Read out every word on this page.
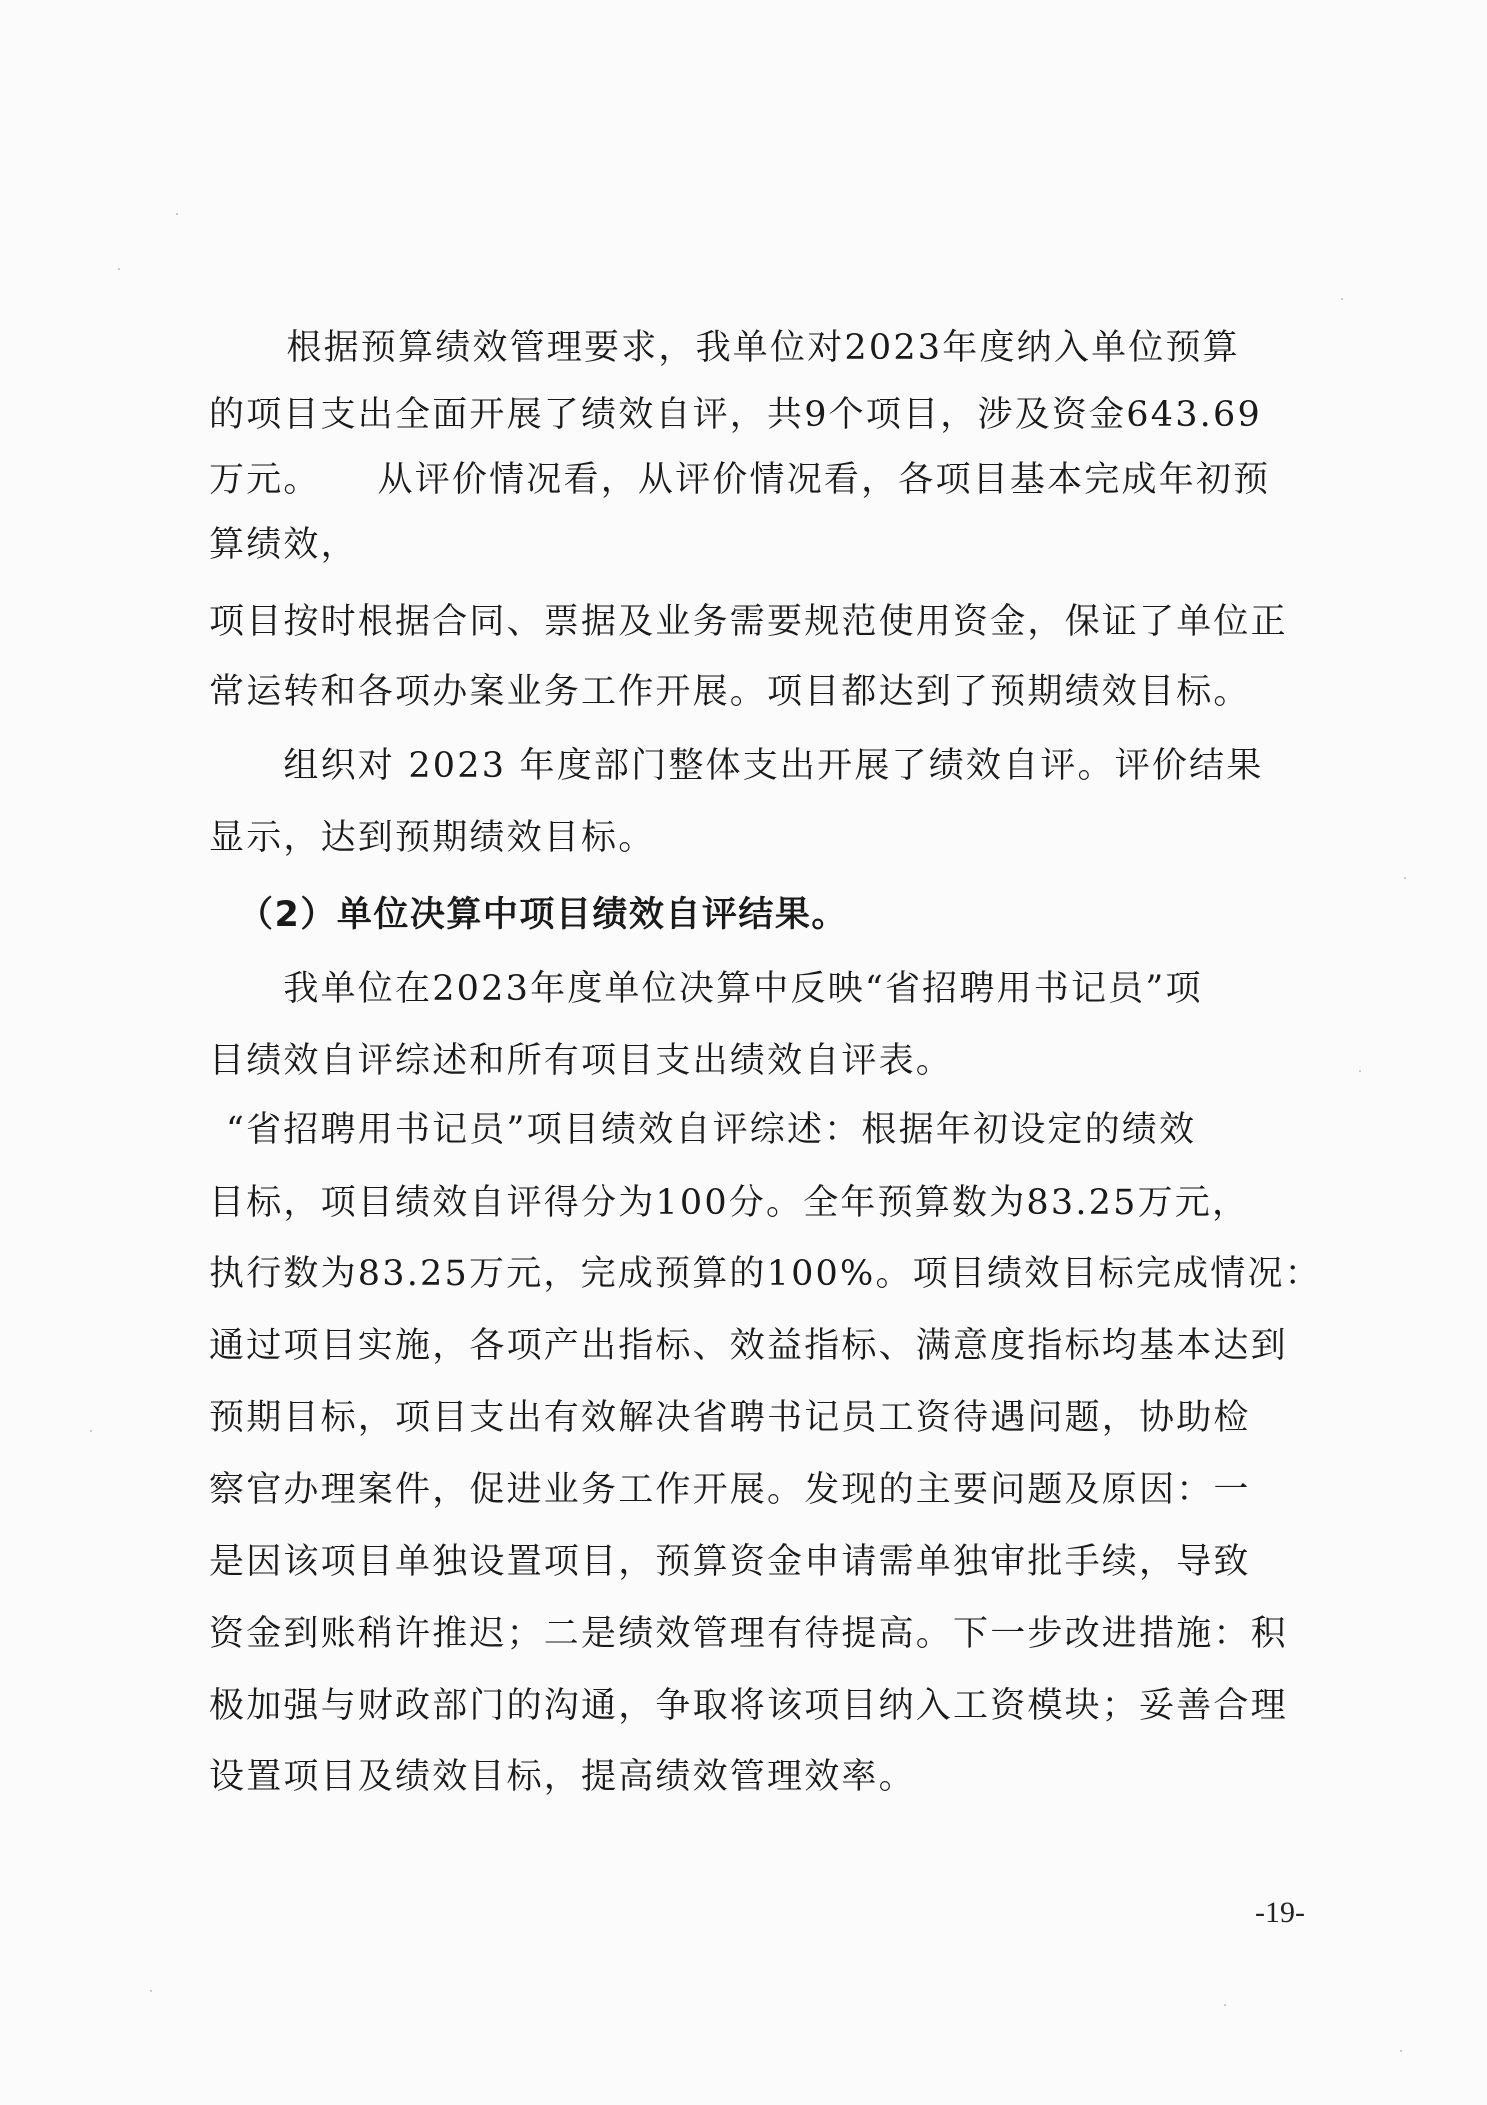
　　根据预算绩效管理要求，我单位对2023年度纳入单位预算
的项目支出全面开展了绩效自评，共9个项目，涉及资金643.69
万元。　　从评价情况看，从评价情况看，各项目基本完成年初预
算绩效，
项目按时根据合同、票据及业务需要规范使用资金，保证了单位正
常运转和各项办案业务工作开展。项目都达到了预期绩效目标。
　　组织对 2023 年度部门整体支出开展了绩效自评。评价结果
显示，达到预期绩效目标。
　（2）单位决算中项目绩效自评结果。
　　我单位在2023年度单位决算中反映“省招聘用书记员”项
目绩效自评综述和所有项目支出绩效自评表。
“省招聘用书记员”项目绩效自评综述：根据年初设定的绩效
目标，项目绩效自评得分为100分。全年预算数为83.25万元，
执行数为83.25万元，完成预算的100%。项目绩效目标完成情况：
通过项目实施，各项产出指标、效益指标、满意度指标均基本达到
预期目标，项目支出有效解决省聘书记员工资待遇问题，协助检
察官办理案件，促进业务工作开展。发现的主要问题及原因：一
是因该项目单独设置项目，预算资金申请需单独审批手续，导致
资金到账稍许推迟；二是绩效管理有待提高。下一步改进措施：积
极加强与财政部门的沟通，争取将该项目纳入工资模块；妥善合理
设置项目及绩效目标，提高绩效管理效率。
-19-
